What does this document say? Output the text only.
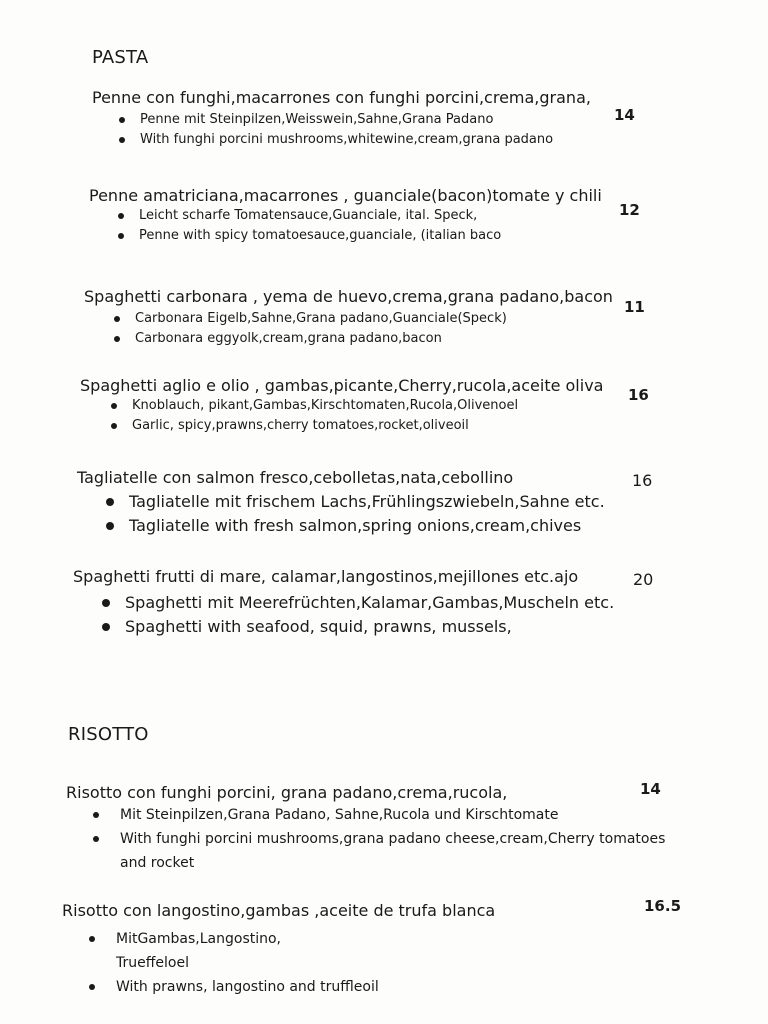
PASTA
Penne con funghi,macarrones con funghi porcini,crema,grana,
Penne mit Steinpilzen,Weisswein,Sahne,Grana Padano
With funghi porcini mushrooms,whitewine,cream,grana padano
14
Penne amatriciana,macarrones , guanciale(bacon)tomate y chili
Leicht scharfe Tomatensauce,Guanciale, ital. Speck,
Penne with spicy tomatoesauce,guanciale, (italian baco
12
Spaghetti carbonara , yema de huevo,crema,grana padano,bacon
Carbonara Eigelb,Sahne,Grana padano,Guanciale(Speck)
Carbonara eggyolk,cream,grana padano,bacon
11
Spaghetti aglio e olio , gambas,picante,Cherry,rucola,aceite oliva
Knoblauch, pikant,Gambas,Kirschtomaten,Rucola,Olivenoel
Garlic, spicy,prawns,cherry tomatoes,rocket,oliveoil
16
Tagliatelle con salmon fresco,cebolletas,nata,cebollino
Tagliatelle mit frischem Lachs,Frühlingszwiebeln,Sahne etc.
Tagliatelle with fresh salmon,spring onions,cream,chives
16
Spaghetti frutti di mare, calamar,langostinos,mejillones etc.ajo
Spaghetti mit Meerefrüchten,Kalamar,Gambas,Muscheln etc.
Spaghetti with seafood, squid, prawns, mussels,
20
RISOTTO
Risotto con funghi porcini, grana padano,crema,rucola,
Mit Steinpilzen,Grana Padano, Sahne,Rucola und Kirschtomate
With funghi porcini mushrooms,grana padano cheese,cream,Cherry tomatoes and rocket
14
Risotto con langostino,gambas ,aceite de trufa blanca
MitGambas,Langostino,
Trueffeloel
With prawns, langostino and truffleoil
16.5
